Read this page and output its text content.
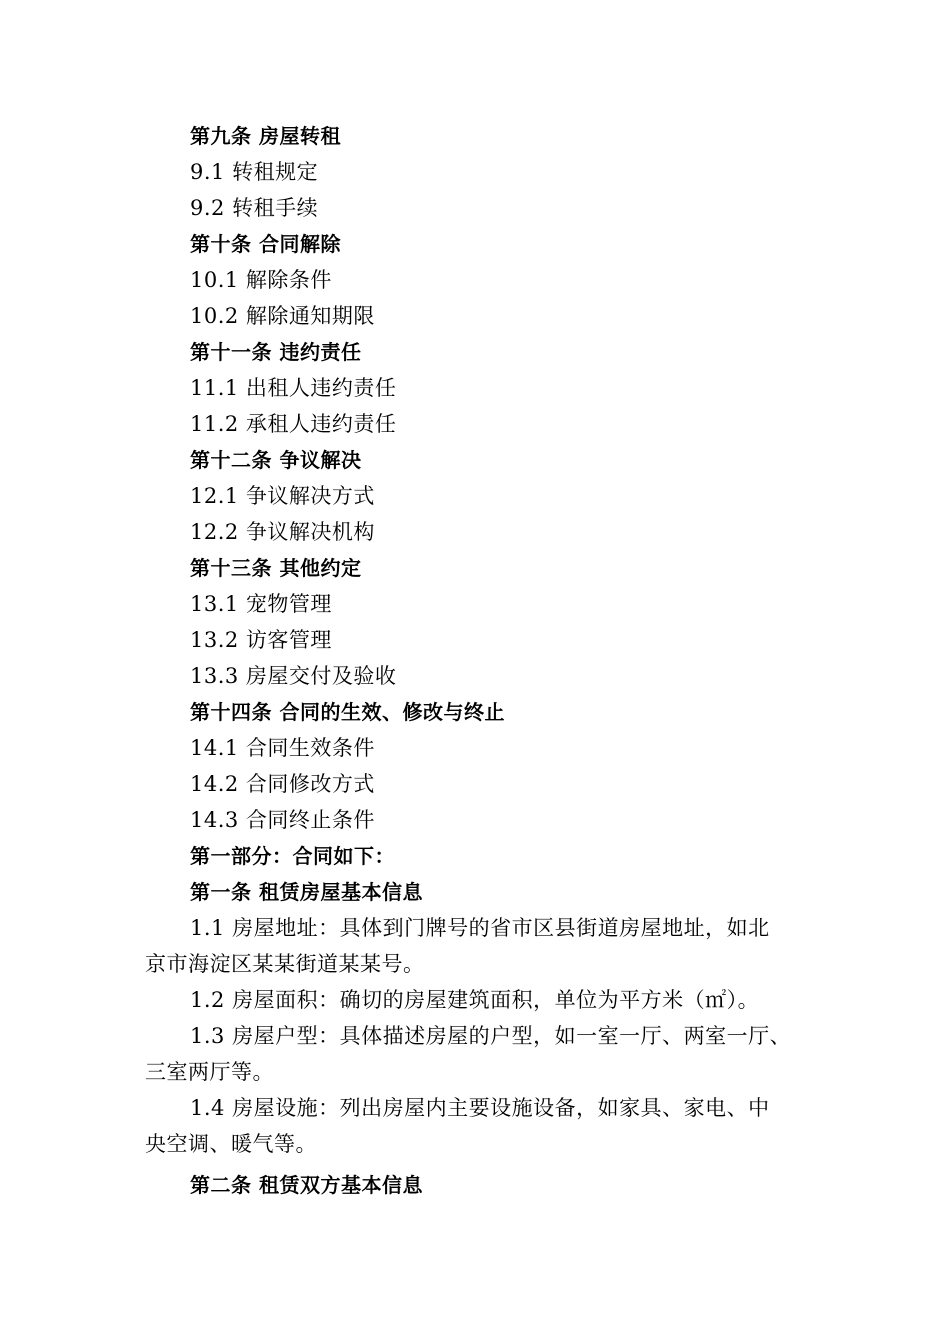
第九条 房屋转租
9.1 转租规定
9.2 转租手续
第十条 合同解除
10.1 解除条件
10.2 解除通知期限
第十一条 违约责任
11.1 出租人违约责任
11.2 承租人违约责任
第十二条 争议解决
12.1 争议解决方式
12.2 争议解决机构
第十三条 其他约定
13.1 宠物管理
13.2 访客管理
13.3 房屋交付及验收
第十四条 合同的生效、修改与终止
14.1 合同生效条件
14.2 合同修改方式
14.3 合同终止条件
第一部分：合同如下：
第一条 租赁房屋基本信息
1.1 房屋地址：具体到门牌号的省市区县街道房屋地址，如北
京市海淀区某某街道某某号。
1.2 房屋面积：确切的房屋建筑面积，单位为平方米（㎡）。
1.3 房屋户型：具体描述房屋的户型，如一室一厅、两室一厅、
三室两厅等。
1.4 房屋设施：列出房屋内主要设施设备，如家具、家电、中
央空调、暖气等。
第二条 租赁双方基本信息
